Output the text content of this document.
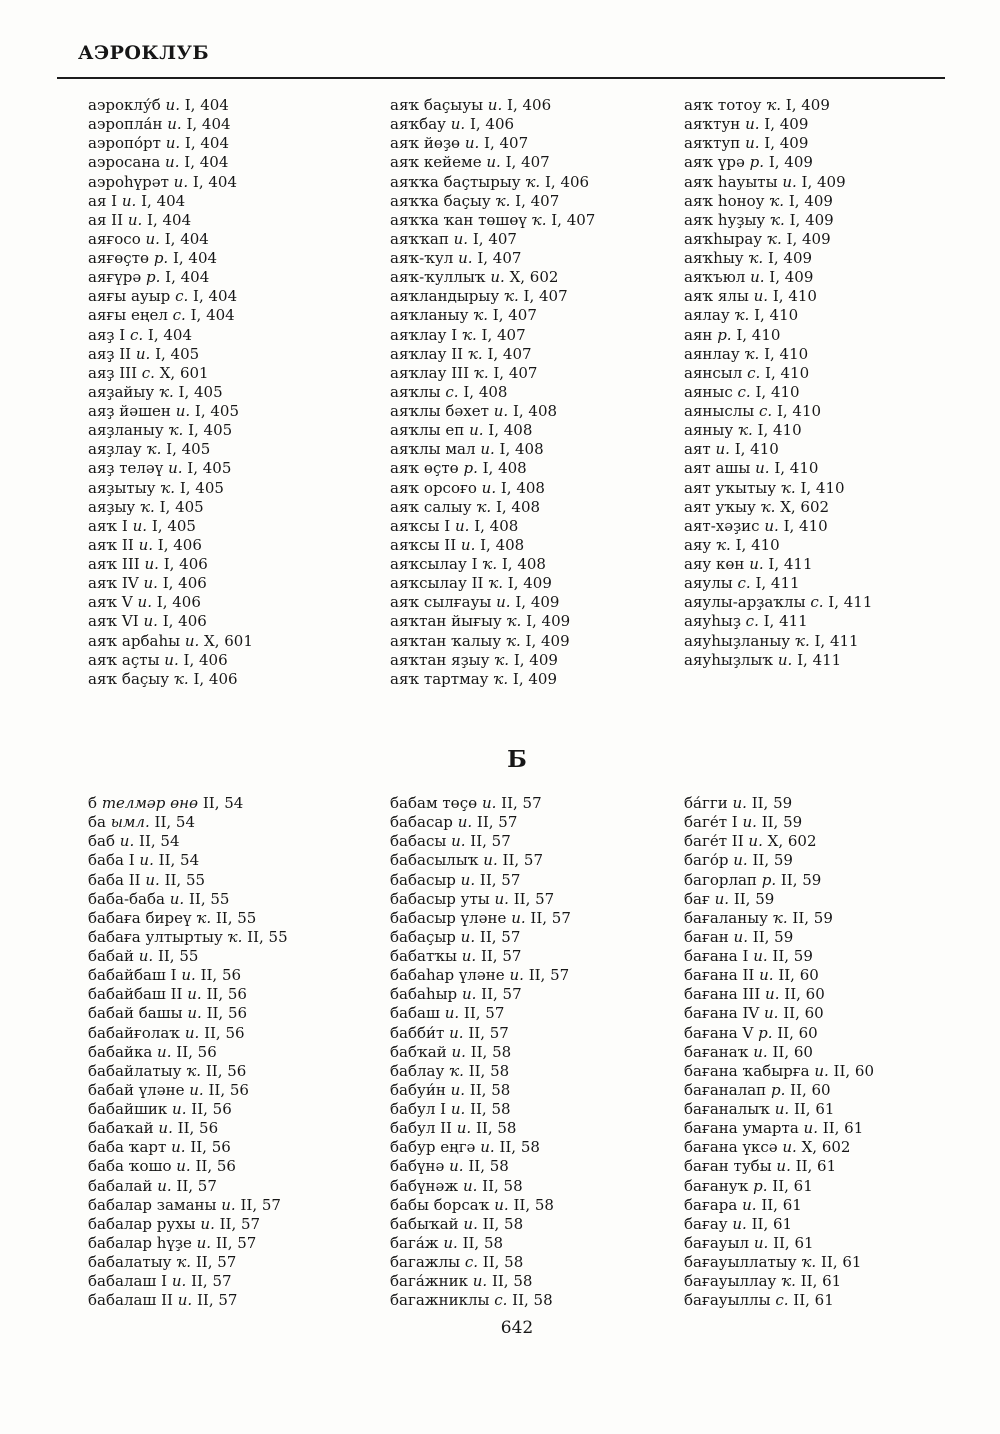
АЭРОКЛУБ
аэроклу́б и. I, 404
аэропла́н и. I, 404
аэропо́рт и. I, 404
аэросана и. I, 404
аэроһүрәт и. I, 404
ая I и. I, 404
ая II и. I, 404
аяғосо и. I, 404
аяғөҫтө р. I, 404
аяғүрә р. I, 404
аяғы ауыр с. I, 404
аяғы еңел с. I, 404
аяҙ I с. I, 404
аяҙ II и. I, 405
аяҙ III с. X, 601
аяҙайыу ҡ. I, 405
аяҙ йәшен и. I, 405
аяҙланыу ҡ. I, 405
аяҙлау ҡ. I, 405
аяҙ теләү и. I, 405
аяҙытыу ҡ. I, 405
аяҙыу ҡ. I, 405
аяҡ I и. I, 405
аяҡ II и. I, 406
аяҡ III и. I, 406
аяҡ IV и. I, 406
аяҡ V и. I, 406
аяҡ VI и. I, 406
аяҡ арбаһы и. X, 601
аяҡ аҫты и. I, 406
аяҡ баҫыу ҡ. I, 406
аяҡ баҫыуы и. I, 406
аяҡбау и. I, 406
аяҡ йөҙө и. I, 407
аяҡ кейеме и. I, 407
аяҡҡа баҫтырыу ҡ. I, 406
аяҡҡа баҫыу ҡ. I, 407
аяҡҡа ҡан төшөү ҡ. I, 407
аяҡҡап и. I, 407
аяҡ-ҡул и. I, 407
аяҡ-ҡуллыҡ и. X, 602
аяҡландырыу ҡ. I, 407
аяҡланыу ҡ. I, 407
аяҡлау I ҡ. I, 407
аяҡлау II ҡ. I, 407
аяҡлау III ҡ. I, 407
аяҡлы с. I, 408
аяҡлы бәхет и. I, 408
аяҡлы еп и. I, 408
аяҡлы мал и. I, 408
аяҡ өҫтө р. I, 408
аяҡ орсоғо и. I, 408
аяҡ салыу ҡ. I, 408
аяҡсы I и. I, 408
аяҡсы II и. I, 408
аяҡсылау I ҡ. I, 408
аяҡсылау II ҡ. I, 409
аяҡ сылғауы и. I, 409
аяҡтан йығыу ҡ. I, 409
аяҡтан ҡалыу ҡ. I, 409
аяҡтан яҙыу ҡ. I, 409
аяҡ тартмау ҡ. I, 409
аяҡ тотоу ҡ. I, 409
аяҡтун и. I, 409
аяҡтуп и. I, 409
аяҡ үрә р. I, 409
аяҡ һауыты и. I, 409
аяҡ һоноу ҡ. I, 409
аяҡ һуҙыу ҡ. I, 409
аяҡһырау ҡ. I, 409
аяҡһыу ҡ. I, 409
аяҡъюл и. I, 409
аяҡ ялы и. I, 410
аялау ҡ. I, 410
аян р. I, 410
аянлау ҡ. I, 410
аянсыл с. I, 410
аяныс с. I, 410
аяныслы с. I, 410
аяныу ҡ. I, 410
аят и. I, 410
аят ашы и. I, 410
аят уҡытыу ҡ. I, 410
аят уҡыу ҡ. X, 602
аят-хәҙис и. I, 410
аяу ҡ. I, 410
аяу көн и. I, 411
аяулы с. I, 411
аяулы-арҙаҡлы с. I, 411
аяуһыҙ с. I, 411
аяуһыҙланыу ҡ. I, 411
аяуһыҙлыҡ и. I, 411
Б
б телмәр өнө II, 54
ба ымл. II, 54
баб и. II, 54
баба I и. II, 54
баба II и. II, 55
баба-баба и. II, 55
бабаға биреү ҡ. II, 55
бабаға ултыртыу ҡ. II, 55
бабай и. II, 55
бабайбаш I и. II, 56
бабайбаш II и. II, 56
бабай башы и. II, 56
бабайғолаҡ и. II, 56
бабайка и. II, 56
бабайлатыу ҡ. II, 56
бабай үләне и. II, 56
бабайшик и. II, 56
бабаҡай и. II, 56
баба ҡарт и. II, 56
баба ҡошо и. II, 56
бабалай и. II, 57
бабалар заманы и. II, 57
бабалар рухы и. II, 57
бабалар һүҙе и. II, 57
бабалатыу ҡ. II, 57
бабалаш I и. II, 57
бабалаш II и. II, 57
бабам төҫө и. II, 57
бабасар и. II, 57
бабасы и. II, 57
бабасылыҡ и. II, 57
бабасыр и. II, 57
бабасыр уты и. II, 57
бабасыр үләне и. II, 57
бабаҫыр и. II, 57
бабатҡы и. II, 57
бабаһар үләне и. II, 57
бабаһыр и. II, 57
бабаш и. II, 57
бабби́т и. II, 57
бабҡай и. II, 58
баблау ҡ. II, 58
бабуи́н и. II, 58
бабул I и. II, 58
бабул II и. II, 58
бабур еңгә и. II, 58
бабүнә и. II, 58
бабүнәж и. II, 58
бабы борсаҡ и. II, 58
бабыҡай и. II, 58
бага́ж и. II, 58
багажлы с. II, 58
бага́жник и. II, 58
багажниклы с. II, 58
ба́гги и. II, 59
баге́т I и. II, 59
баге́т II и. X, 602
баго́р и. II, 59
багорлап р. II, 59
бағ и. II, 59
бағаланыу ҡ. II, 59
баған и. II, 59
бағана I и. II, 59
бағана II и. II, 60
бағана III и. II, 60
бағана IV и. II, 60
бағана V р. II, 60
бағанаҡ и. II, 60
бағана ҡабырға и. II, 60
бағаналап р. II, 60
бағаналыҡ и. II, 61
бағана умарта и. II, 61
бағана үксә и. X, 602
баған тубы и. II, 61
бағануҡ р. II, 61
бағара и. II, 61
бағау и. II, 61
бағауыл и. II, 61
бағауыллатыу ҡ. II, 61
бағауыллау ҡ. II, 61
бағауыллы с. II, 61
642
